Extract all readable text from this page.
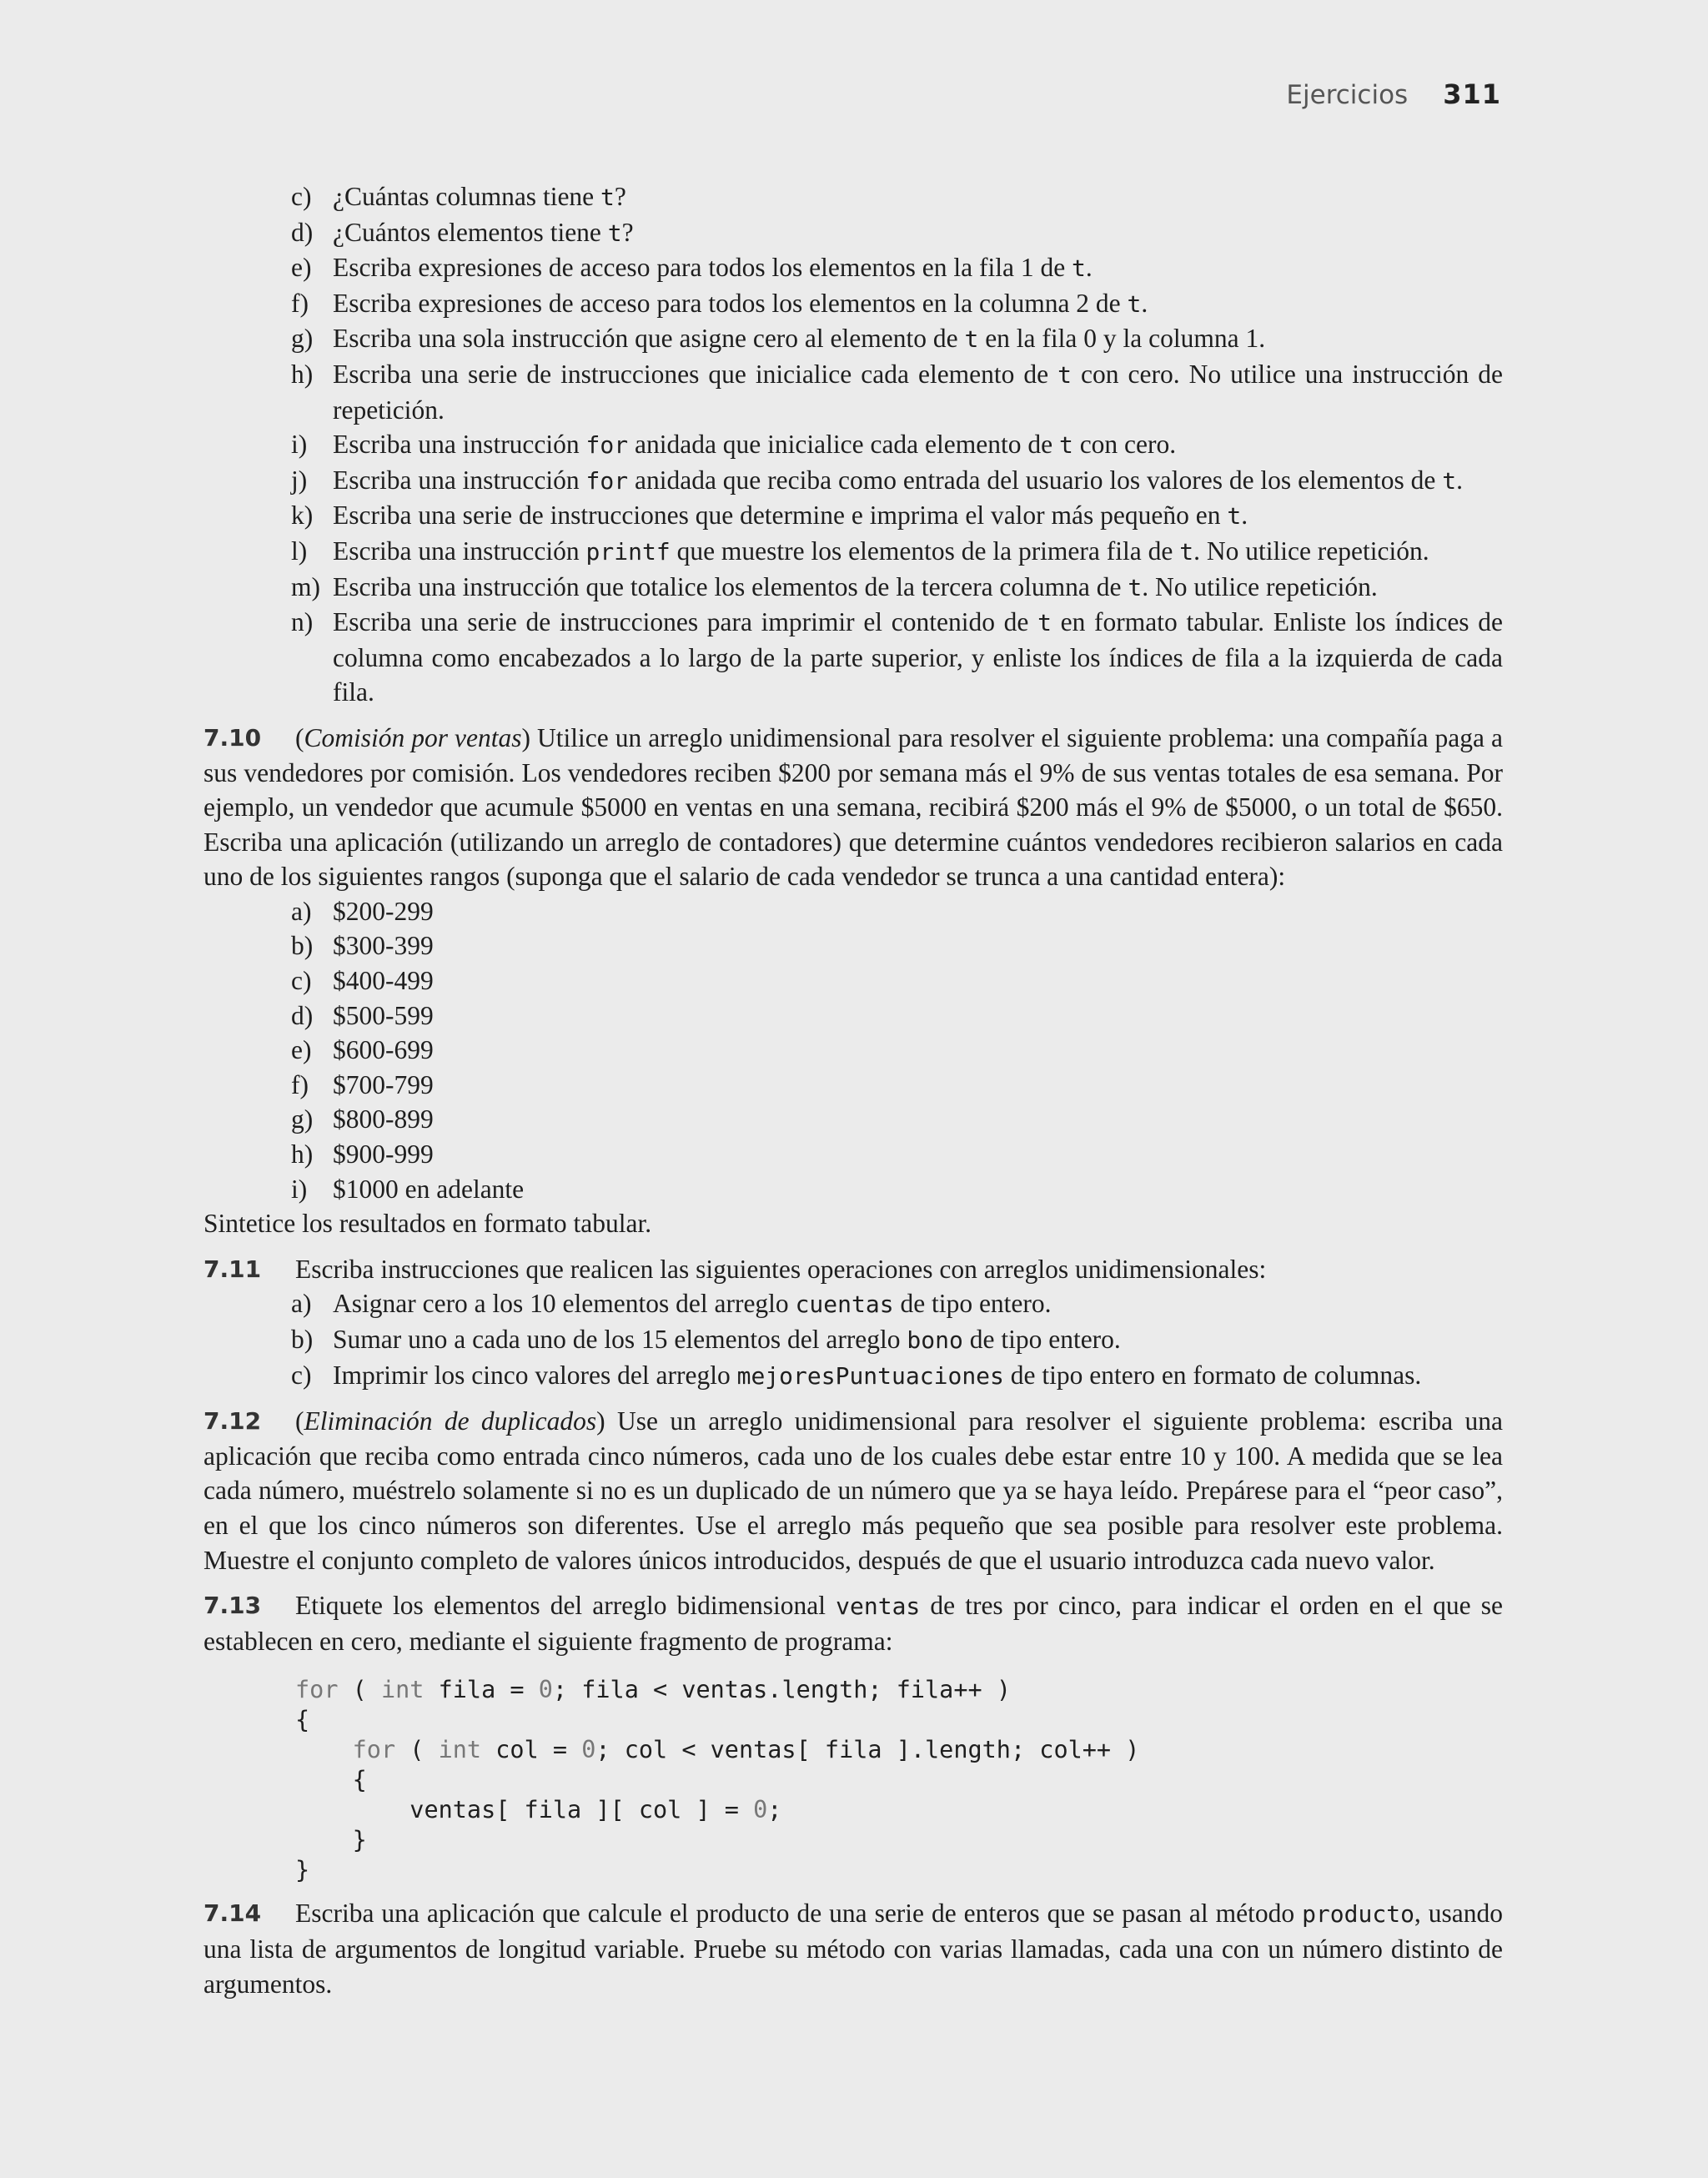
Ejercicios 311
c) ¿Cuántas columnas tiene t?
d) ¿Cuántos elementos tiene t?
e) Escriba expresiones de acceso para todos los elementos en la fila 1 de t.
f) Escriba expresiones de acceso para todos los elementos en la columna 2 de t.
g) Escriba una sola instrucción que asigne cero al elemento de t en la fila 0 y la columna 1.
h) Escriba una serie de instrucciones que inicialice cada elemento de t con cero. No utilice una instrucción de repetición.
i) Escriba una instrucción for anidada que inicialice cada elemento de t con cero.
j) Escriba una instrucción for anidada que reciba como entrada del usuario los valores de los elementos de t.
k) Escriba una serie de instrucciones que determine e imprima el valor más pequeño en t.
l) Escriba una instrucción printf que muestre los elementos de la primera fila de t. No utilice repetición.
m) Escriba una instrucción que totalice los elementos de la tercera columna de t. No utilice repetición.
n) Escriba una serie de instrucciones para imprimir el contenido de t en formato tabular. Enliste los índices de columna como encabezados a lo largo de la parte superior, y enliste los índices de fila a la izquierda de cada fila.
7.10	(Comisión por ventas) Utilice un arreglo unidimensional para resolver el siguiente problema: una compañía paga a sus vendedores por comisión. Los vendedores reciben $200 por semana más el 9% de sus ventas totales de esa semana. Por ejemplo, un vendedor que acumule $5000 en ventas en una semana, recibirá $200 más el 9% de $5000, o un total de $650. Escriba una aplicación (utilizando un arreglo de contadores) que determine cuántos vendedores recibieron salarios en cada uno de los siguientes rangos (suponga que el salario de cada vendedor se trunca a una cantidad entera):

a) $200-299
b) $300-399
c) $400-499
d) $500-599
e) $600-699
f) $700-799
g) $800-899
h) $900-999
i) $1000 en adelante

Sintetice los resultados en formato tabular.

7.11	Escriba instrucciones que realicen las siguientes operaciones con arreglos unidimensionales:

a) Asignar cero a los 10 elementos del arreglo cuentas de tipo entero.
b) Sumar uno a cada uno de los 15 elementos del arreglo bono de tipo entero.
c) Imprimir los cinco valores del arreglo mejoresPuntuaciones de tipo entero en formato de columnas.
7.12	(Eliminación de duplicados) Use un arreglo unidimensional para resolver el siguiente problema: escriba una aplicación que reciba como entrada cinco números, cada uno de los cuales debe estar entre 10 y 100. A medida que se lea cada número, muéstrelo solamente si no es un duplicado de un número que ya se haya leído. Prepárese para el “peor caso”, en el que los cinco números son diferentes. Use el arreglo más pequeño que sea posible para resolver este problema. Muestre el conjunto completo de valores únicos introducidos, después de que el usuario introduzca cada nuevo valor.

7.13	Etiquete los elementos del arreglo bidimensional ventas de tres por cinco, para indicar el orden en el que se establecen en cero, mediante el siguiente fragmento de programa:

for ( int fila = 0; fila < ventas.length; fila++ )
{
for ( int col = 0; col < ventas[ fila ].length; col++ )
{
ventas[ fila ][ col ] = 0;
}
}
7.14	Escriba una aplicación que calcule el producto de una serie de enteros que se pasan al método producto, usando una lista de argumentos de longitud variable. Pruebe su método con varias llamadas, cada una con un número distinto de argumentos.
